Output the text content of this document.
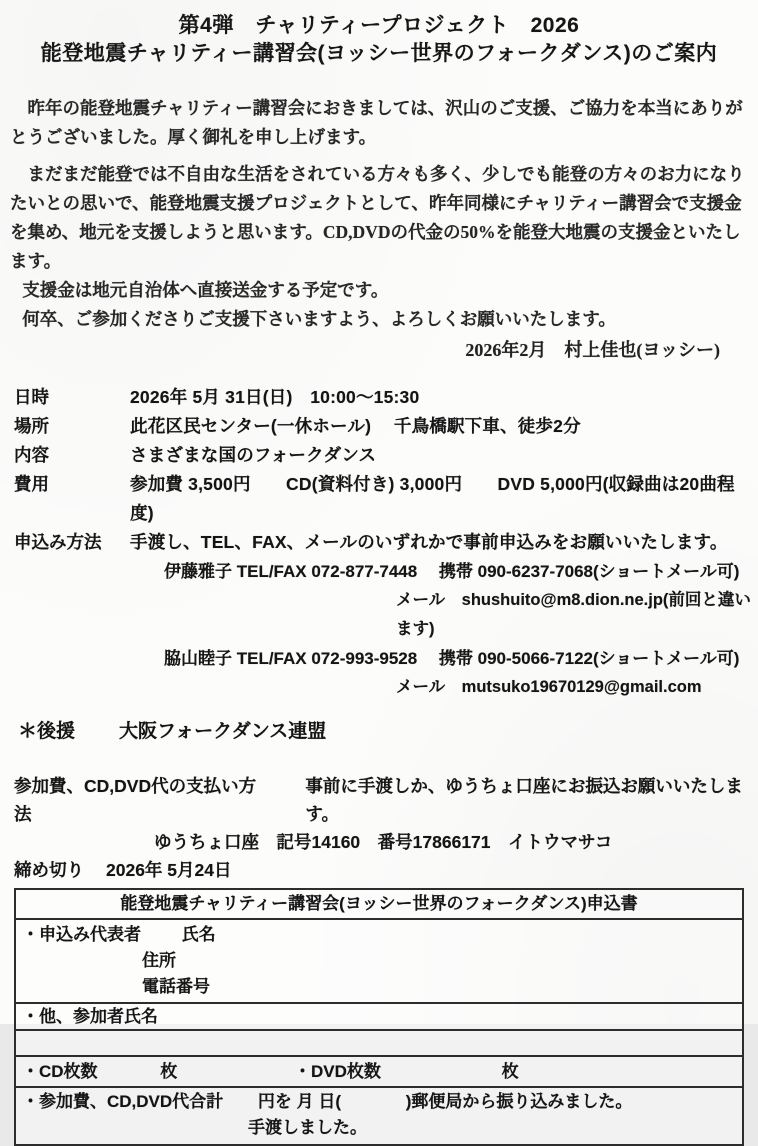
第4弾　チャリティープロジェクト　2026
能登地震チャリティー講習会(ヨッシー世界のフォークダンス)のご案内

昨年の能登地震チャリティー講習会におきましては、沢山のご支援、ご協力を本当にありがとうございました。厚く御礼を申し上げます。

まだまだ能登では不自由な生活をされている方々も多く、少しでも能登の方々のお力になりたいとの思いで、能登地震支援プロジェクトとして、昨年同様にチャリティー講習会で支援金を集め、地元を支援しようと思います。CD,DVDの代金の50%を能登大地震の支援金といたします。

支援金は地元自治体へ直接送金する予定です。

何卒、ご参加くださりご支援下さいますよう、よろしくお願いいたします。

2026年2月　村上佳也(ヨッシー)
日時	2026年 5月 31日(日)　10:00～15:30
場所	此花区民センター(一休ホール)　 千鳥橋駅下車、徒歩2分
内容	さまざまな国のフォークダンス
費用	参加費 3,500円　　CD(資料付き) 3,000円　　DVD 5,000円(収録曲は20曲程度)
申込み方法	手渡し、TEL、FAX、メールのいずれかで事前申込みをお願いいたします。
伊藤雅子 TEL/FAX 072-877-7448　 携帯 090-6237-7068(ショートメール可)
メール　shushuito@m8.dion.ne.jp(前回と違います)
脇山睦子 TEL/FAX 072-993-9528　 携帯 090-5066-7122(ショートメール可)
メール　mutsuko19670129@gmail.com
＊後援 大阪フォークダンス連盟
参加費、CD,DVD代の支払い方法
事前に手渡しか、ゆうちょ口座にお振込お願いいたします。
ゆうちょ口座　記号14160　番号17866171　イトウマサコ
締め切り 2026年 5月24日
能登地震チャリティー講習会(ヨッシー世界のフォークダンス)申込書
・申込み代表者 氏名
住所
電話番号
・他、参加者氏名
・CD枚数	枚	・DVD枚数	枚
・参加費、CD,DVD代合計 円を 月 日(	)郵便局から振り込みました。
手渡しました。
